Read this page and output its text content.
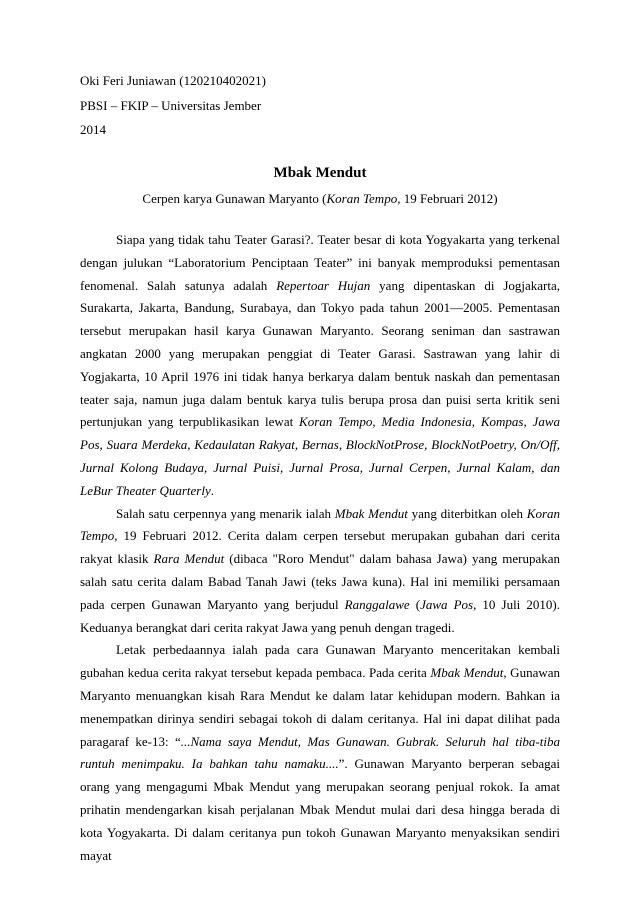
Oki Feri Juniawan (120210402021)
PBSI – FKIP – Universitas Jember
2014
Mbak Mendut
Cerpen karya Gunawan Maryanto (Koran Tempo, 19 Februari 2012)

Siapa yang tidak tahu Teater Garasi?. Teater besar di kota Yogyakarta yang terkenal dengan julukan “Laboratorium Penciptaan Teater” ini banyak memproduksi pementasan fenomenal. Salah satunya adalah Repertoar Hujan yang dipentaskan di Jogjakarta, Surakarta, Jakarta, Bandung, Surabaya, dan Tokyo pada tahun 2001—2005. Pementasan tersebut merupakan hasil karya Gunawan Maryanto. Seorang seniman dan sastrawan angkatan 2000 yang merupakan penggiat di Teater Garasi. Sastrawan yang lahir di Yogjakarta, 10 April 1976 ini tidak hanya berkarya dalam bentuk naskah dan pementasan teater saja, namun juga dalam bentuk karya tulis berupa prosa dan puisi serta kritik seni pertunjukan yang terpublikasikan lewat Koran Tempo, Media Indonesia, Kompas, Jawa Pos, Suara Merdeka, Kedaulatan Rakyat, Bernas, BlockNotProse, BlockNotPoetry, On/Off, Jurnal Kolong Budaya, Jurnal Puisi, Jurnal Prosa, Jurnal Cerpen, Jurnal Kalam, dan LeBur Theater Quarterly.

Salah satu cerpennya yang menarik ialah Mbak Mendut yang diterbitkan oleh Koran Tempo, 19 Februari 2012. Cerita dalam cerpen tersebut merupakan gubahan dari cerita rakyat klasik Rara Mendut (dibaca "Roro Mendut" dalam bahasa Jawa) yang merupakan salah satu cerita dalam Babad Tanah Jawi (teks Jawa kuna). Hal ini memiliki persamaan pada cerpen Gunawan Maryanto yang berjudul Ranggalawe (Jawa Pos, 10 Juli 2010). Keduanya berangkat dari cerita rakyat Jawa yang penuh dengan tragedi.

Letak perbedaannya ialah pada cara Gunawan Maryanto menceritakan kembali gubahan kedua cerita rakyat tersebut kepada pembaca. Pada cerita Mbak Mendut, Gunawan Maryanto menuangkan kisah Rara Mendut ke dalam latar kehidupan modern. Bahkan ia menempatkan dirinya sendiri sebagai tokoh di dalam ceritanya. Hal ini dapat dilihat pada paragaraf ke-13: “...Nama saya Mendut, Mas Gunawan. Gubrak. Seluruh hal tiba-tiba runtuh menimpaku. Ia bahkan tahu namaku....”. Gunawan Maryanto berperan sebagai orang yang mengagumi Mbak Mendut yang merupakan seorang penjual rokok. Ia amat prihatin mendengarkan kisah perjalanan Mbak Mendut mulai dari desa hingga berada di kota Yogyakarta. Di dalam ceritanya pun tokoh Gunawan Maryanto menyaksikan sendiri mayat
